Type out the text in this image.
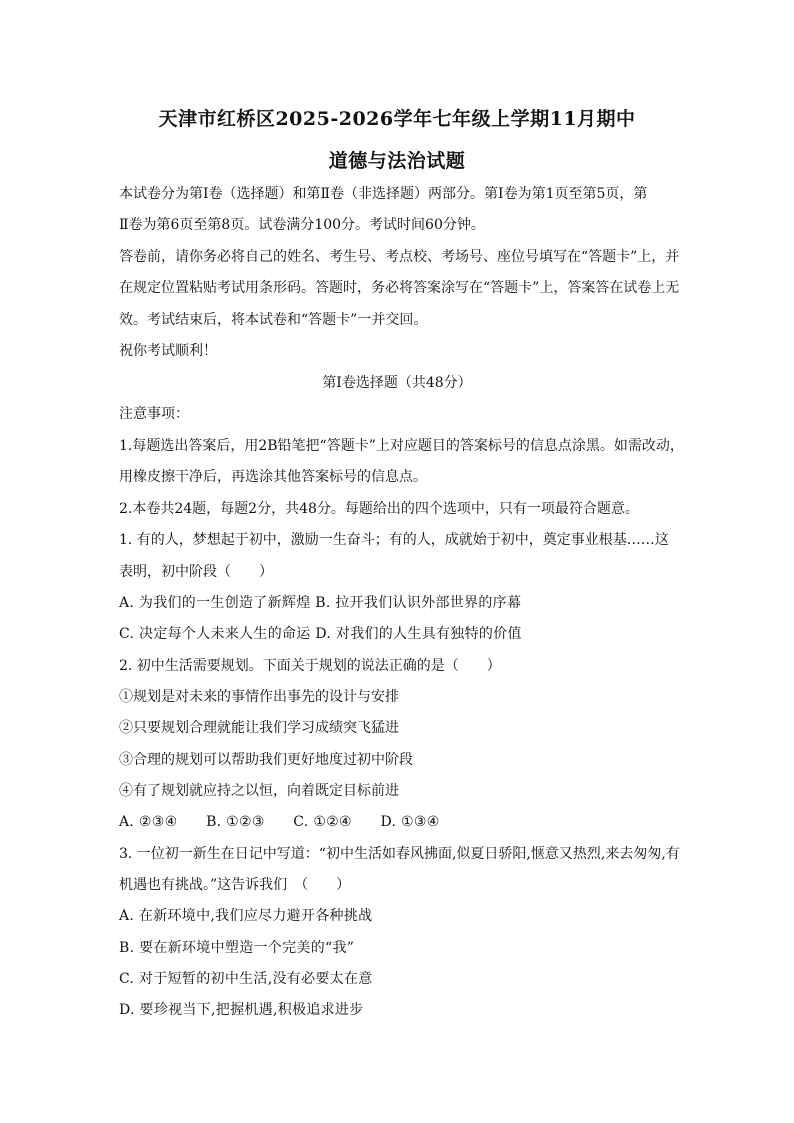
天津市红桥区2025-2026学年七年级上学期11月期中
道德与法治试题
本试卷分为第Ⅰ卷（选择题）和第Ⅱ卷（非选择题）两部分。第Ⅰ卷为第1页至第5页，第
Ⅱ卷为第6页至第8页。试卷满分100分。考试时间60分钟。
答卷前，请你务必将自己的姓名、考生号、考点校、考场号、座位号填写在“答题卡”上，并
在规定位置粘贴考试用条形码。答题时，务必将答案涂写在“答题卡”上，答案答在试卷上无
效。考试结束后，将本试卷和“答题卡”一并交回。
祝你考试顺利！
第Ⅰ卷选择题（共48分）
注意事项：
1.每题选出答案后，用2B铅笔把“答题卡”上对应题目的答案标号的信息点涂黑。如需改动，
用橡皮擦干净后，再选涂其他答案标号的信息点。
2.本卷共24题，每题2分，共48分。每题给出的四个选项中，只有一项最符合题意。
1. 有的人，梦想起于初中，激励一生奋斗；有的人，成就始于初中，奠定事业根基……这
表明，初中阶段（　　）
A. 为我们的一生创造了新辉煌 B. 拉开我们认识外部世界的序幕
C. 决定每个人未来人生的命运 D. 对我们的人生具有独特的价值
2. 初中生活需要规划。下面关于规划的说法正确的是（　　）
①规划是对未来的事情作出事先的设计与安排
②只要规划合理就能让我们学习成绩突飞猛进
③合理的规划可以帮助我们更好地度过初中阶段
④有了规划就应持之以恒，向着既定目标前进
A. ②③④　　B. ①②③　　C. ①②④　　D. ①③④
3. 一位初一新生在日记中写道：“初中生活如春风拂面,似夏日骄阳,惬意又热烈,来去匆匆,有
机遇也有挑战。”这告诉我们　（　　）
A. 在新环境中,我们应尽力避开各种挑战
B. 要在新环境中塑造一个完美的“我”
C. 对于短暂的初中生活,没有必要太在意
D. 要珍视当下,把握机遇,积极追求进步
